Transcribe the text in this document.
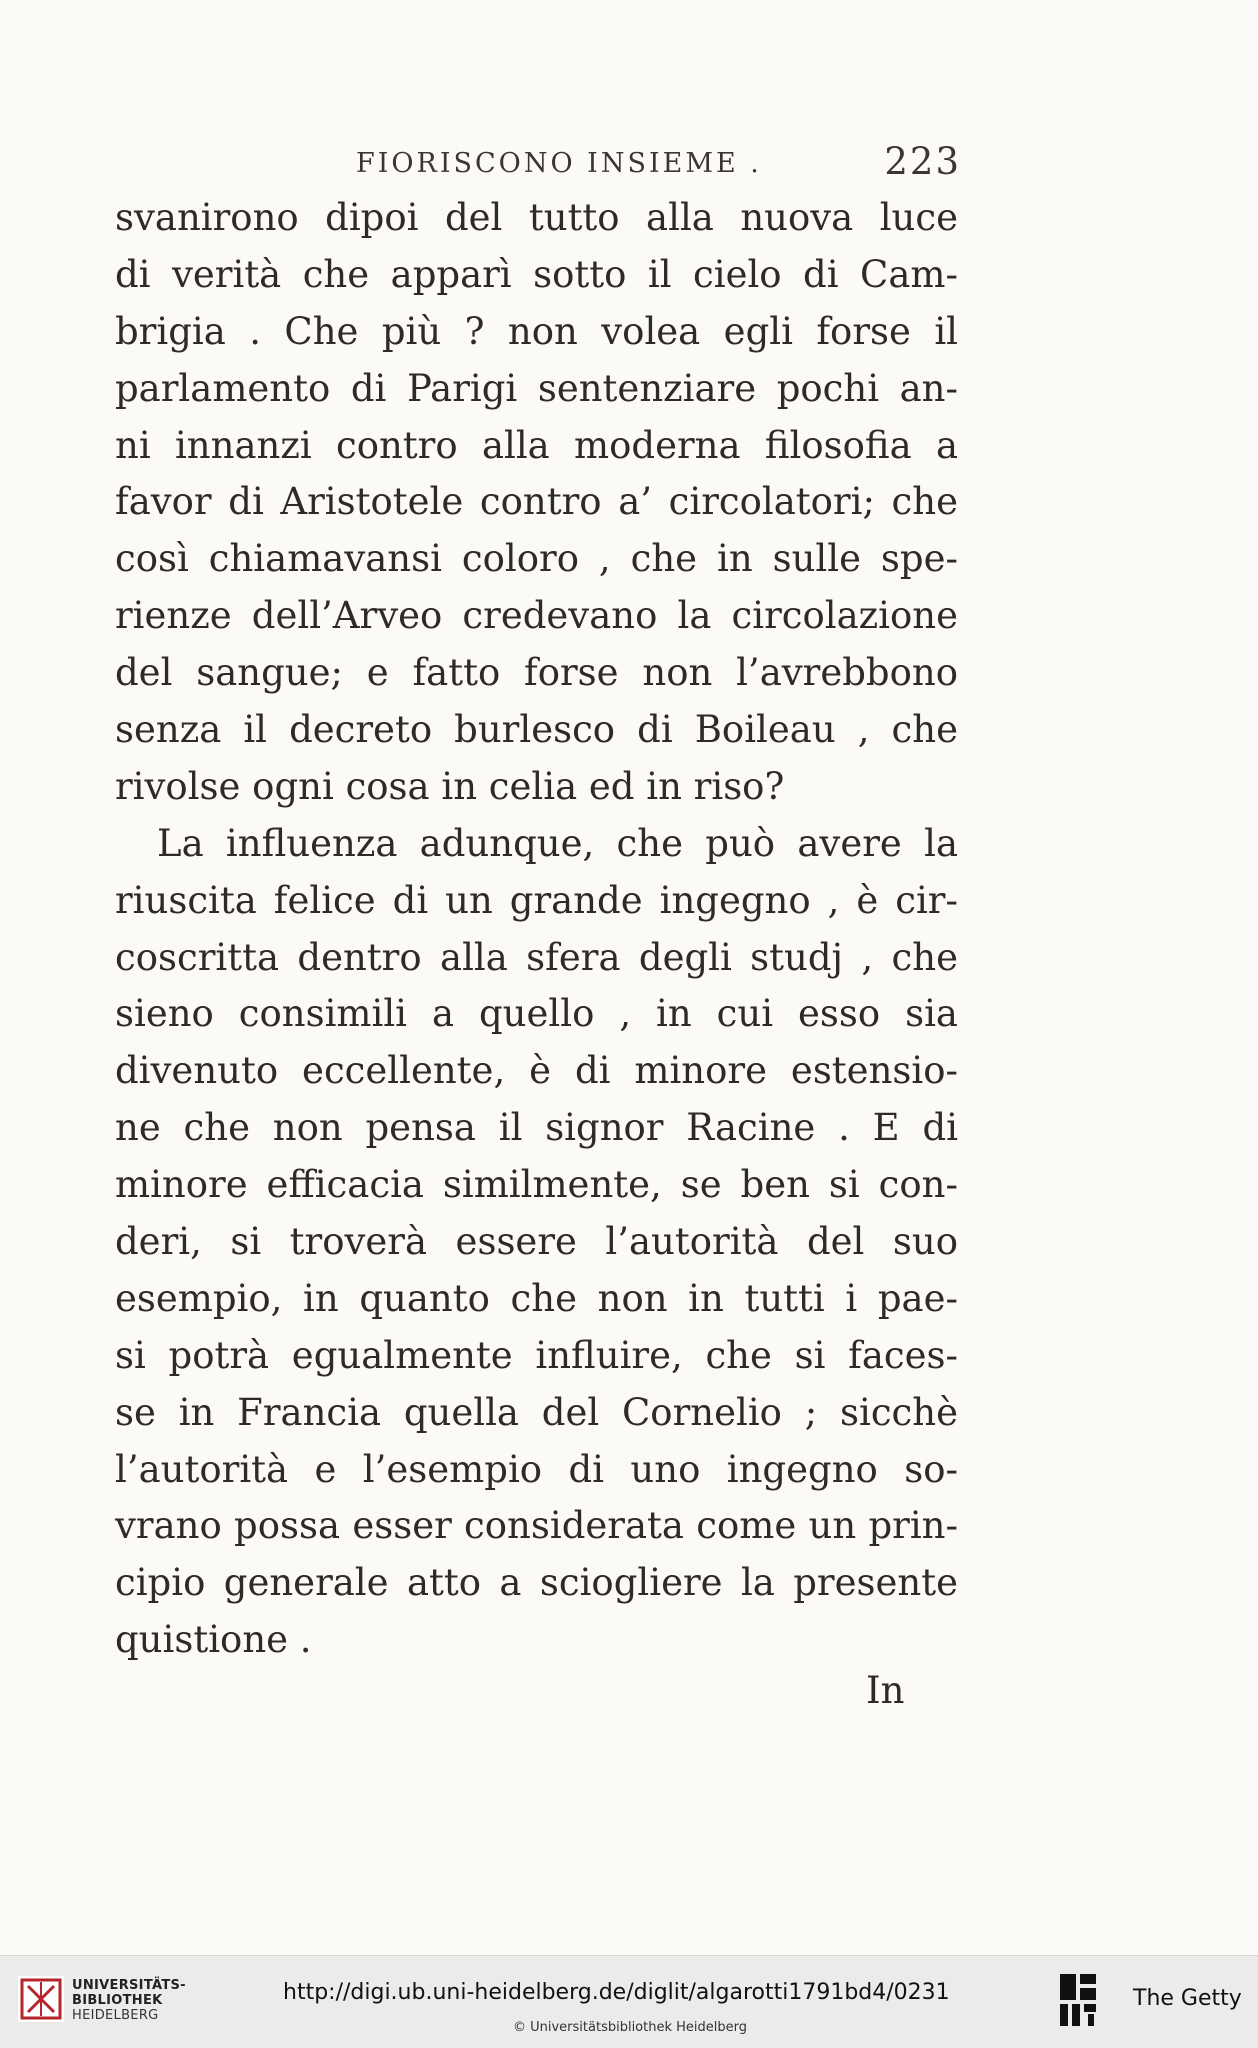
FIORISCONO INSIEME .	223
svanirono dipoi del tutto alla nuova luce
di verità che apparì sotto il cielo di Cam-
brigia . Che più ? non volea egli forse il
parlamento di Parigi sentenziare pochi an-
ni innanzi contro alla moderna filosofia a
favor di Aristotele contro a’ circolatori; che
così chiamavansi coloro , che in sulle spe-
rienze dell’Arveo credevano la circolazione
del sangue; e fatto forse non l’avrebbono
senza il decreto burlesco di Boileau , che
rivolse ogni cosa in celia ed in riso?
La influenza adunque, che può avere la
riuscita felice di un grande ingegno , è cir-
coscritta dentro alla sfera degli studj , che
sieno consimili a quello , in cui esso sia
divenuto eccellente, è di minore estensio-
ne che non pensa il signor Racine . E di
minore efficacia similmente, se ben si con-
deri, si troverà essere l’autorità del suo
esempio, in quanto che non in tutti i pae-
si potrà egualmente influire, che si faces-
se in Francia quella del Cornelio ; sicchè
l’autorità e l’esempio di uno ingegno so-
vrano possa esser considerata come un prin-
cipio generale atto a sciogliere la presente
quistione .
In
UNIVERSITÄTS-
BIBLIOTHEK
HEIDELBERG
http://digi.ub.uni-heidelberg.de/diglit/algarotti1791bd4/0231
© Universitätsbibliothek Heidelberg
The Getty
